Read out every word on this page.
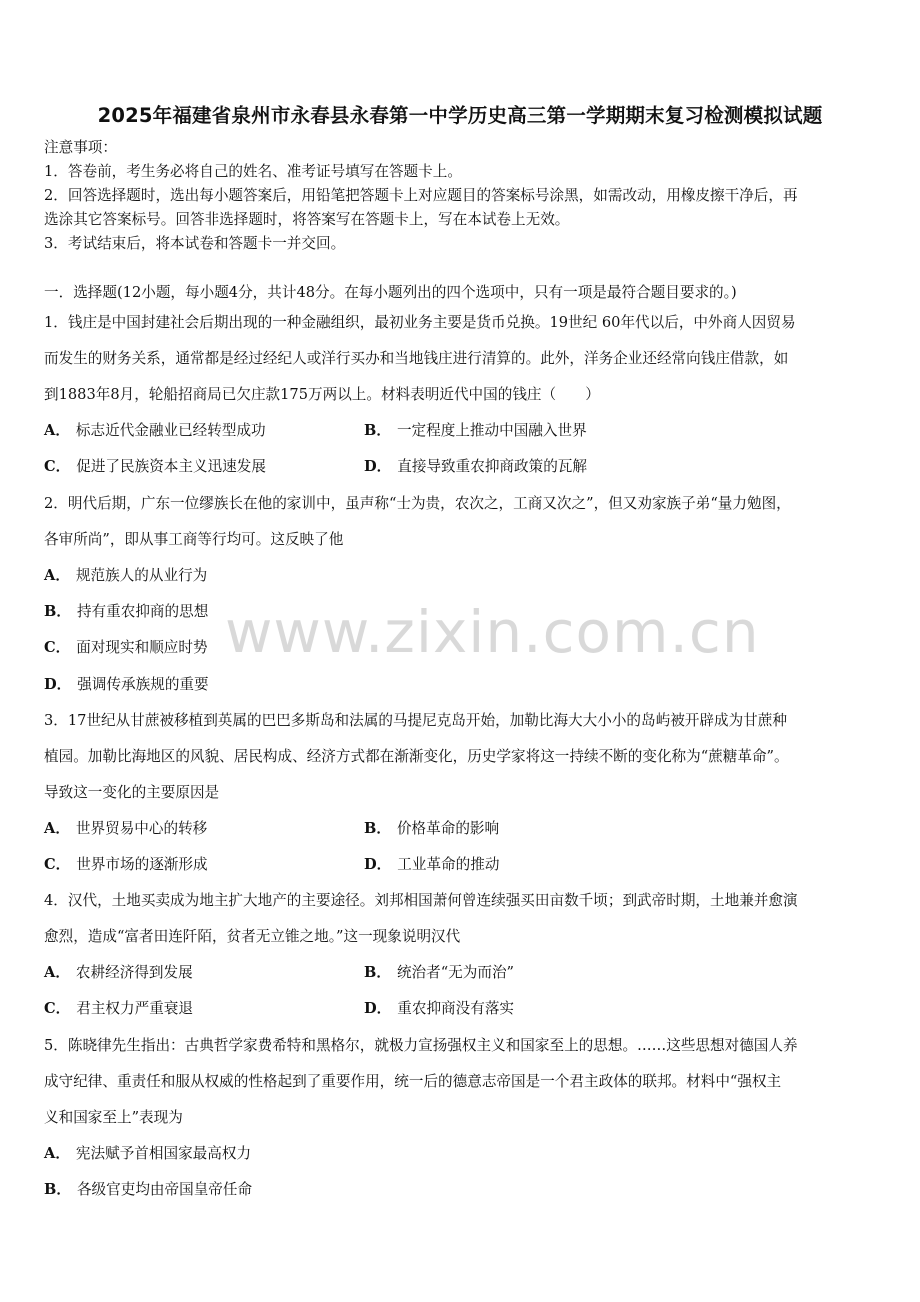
2025年福建省泉州市永春县永春第一中学历史高三第一学期期末复习检测模拟试题
注意事项：
1．答卷前，考生务必将自己的姓名、准考证号填写在答题卡上。
2．回答选择题时，选出每小题答案后，用铅笔把答题卡上对应题目的答案标号涂黑，如需改动，用橡皮擦干净后，再
选涂其它答案标号。回答非选择题时，将答案写在答题卡上，写在本试卷上无效。
3．考试结束后，将本试卷和答题卡一并交回。
一．选择题(12小题，每小题4分，共计48分。在每小题列出的四个选项中，只有一项是最符合题目要求的。)
1．钱庄是中国封建社会后期出现的一种金融组织，最初业务主要是货币兑换。19世纪 60年代以后，中外商人因贸易
而发生的财务关系，通常都是经过经纪人或洋行买办和当地钱庄进行清算的。此外，洋务企业还经常向钱庄借款，如
到1883年8月，轮船招商局已欠庄款175万两以上。材料表明近代中国的钱庄（　　）
A． 标志近代金融业已经转型成功	B． 一定程度上推动中国融入世界
C． 促进了民族资本主义迅速发展	D． 直接导致重农抑商政策的瓦解
2．明代后期，广东一位缪族长在他的家训中，虽声称“士为贵，农次之，工商又次之”，但又劝家族子弟“量力勉图，
各审所尚”，即从事工商等行均可。这反映了他
A． 规范族人的从业行为
B． 持有重农抑商的思想
C． 面对现实和顺应时势
D． 强调传承族规的重要
3．17世纪从甘蔗被移植到英属的巴巴多斯岛和法属的马提尼克岛开始，加勒比海大大小小的岛屿被开辟成为甘蔗种
植园。加勒比海地区的风貌、居民构成、经济方式都在渐渐变化，历史学家将这一持续不断的变化称为“蔗糖革命”。
导致这一变化的主要原因是
A． 世界贸易中心的转移	B． 价格革命的影响
C． 世界市场的逐渐形成	D． 工业革命的推动
4．汉代，土地买卖成为地主扩大地产的主要途径。刘邦相国萧何曾连续强买田亩数千顷；到武帝时期，土地兼并愈演
愈烈，造成“富者田连阡陌，贫者无立锥之地。”这一现象说明汉代
A． 农耕经济得到发展	B． 统治者“无为而治”
C． 君主权力严重衰退	D． 重农抑商没有落实
5．陈晓律先生指出：古典哲学家费希特和黑格尔，就极力宣扬强权主义和国家至上的思想。……这些思想对德国人养
成守纪律、重责任和服从权威的性格起到了重要作用，统一后的德意志帝国是一个君主政体的联邦。材料中“强权主
义和国家至上”表现为
A． 宪法赋予首相国家最高权力
B． 各级官吏均由帝国皇帝任命
www.zixin.com.cn
